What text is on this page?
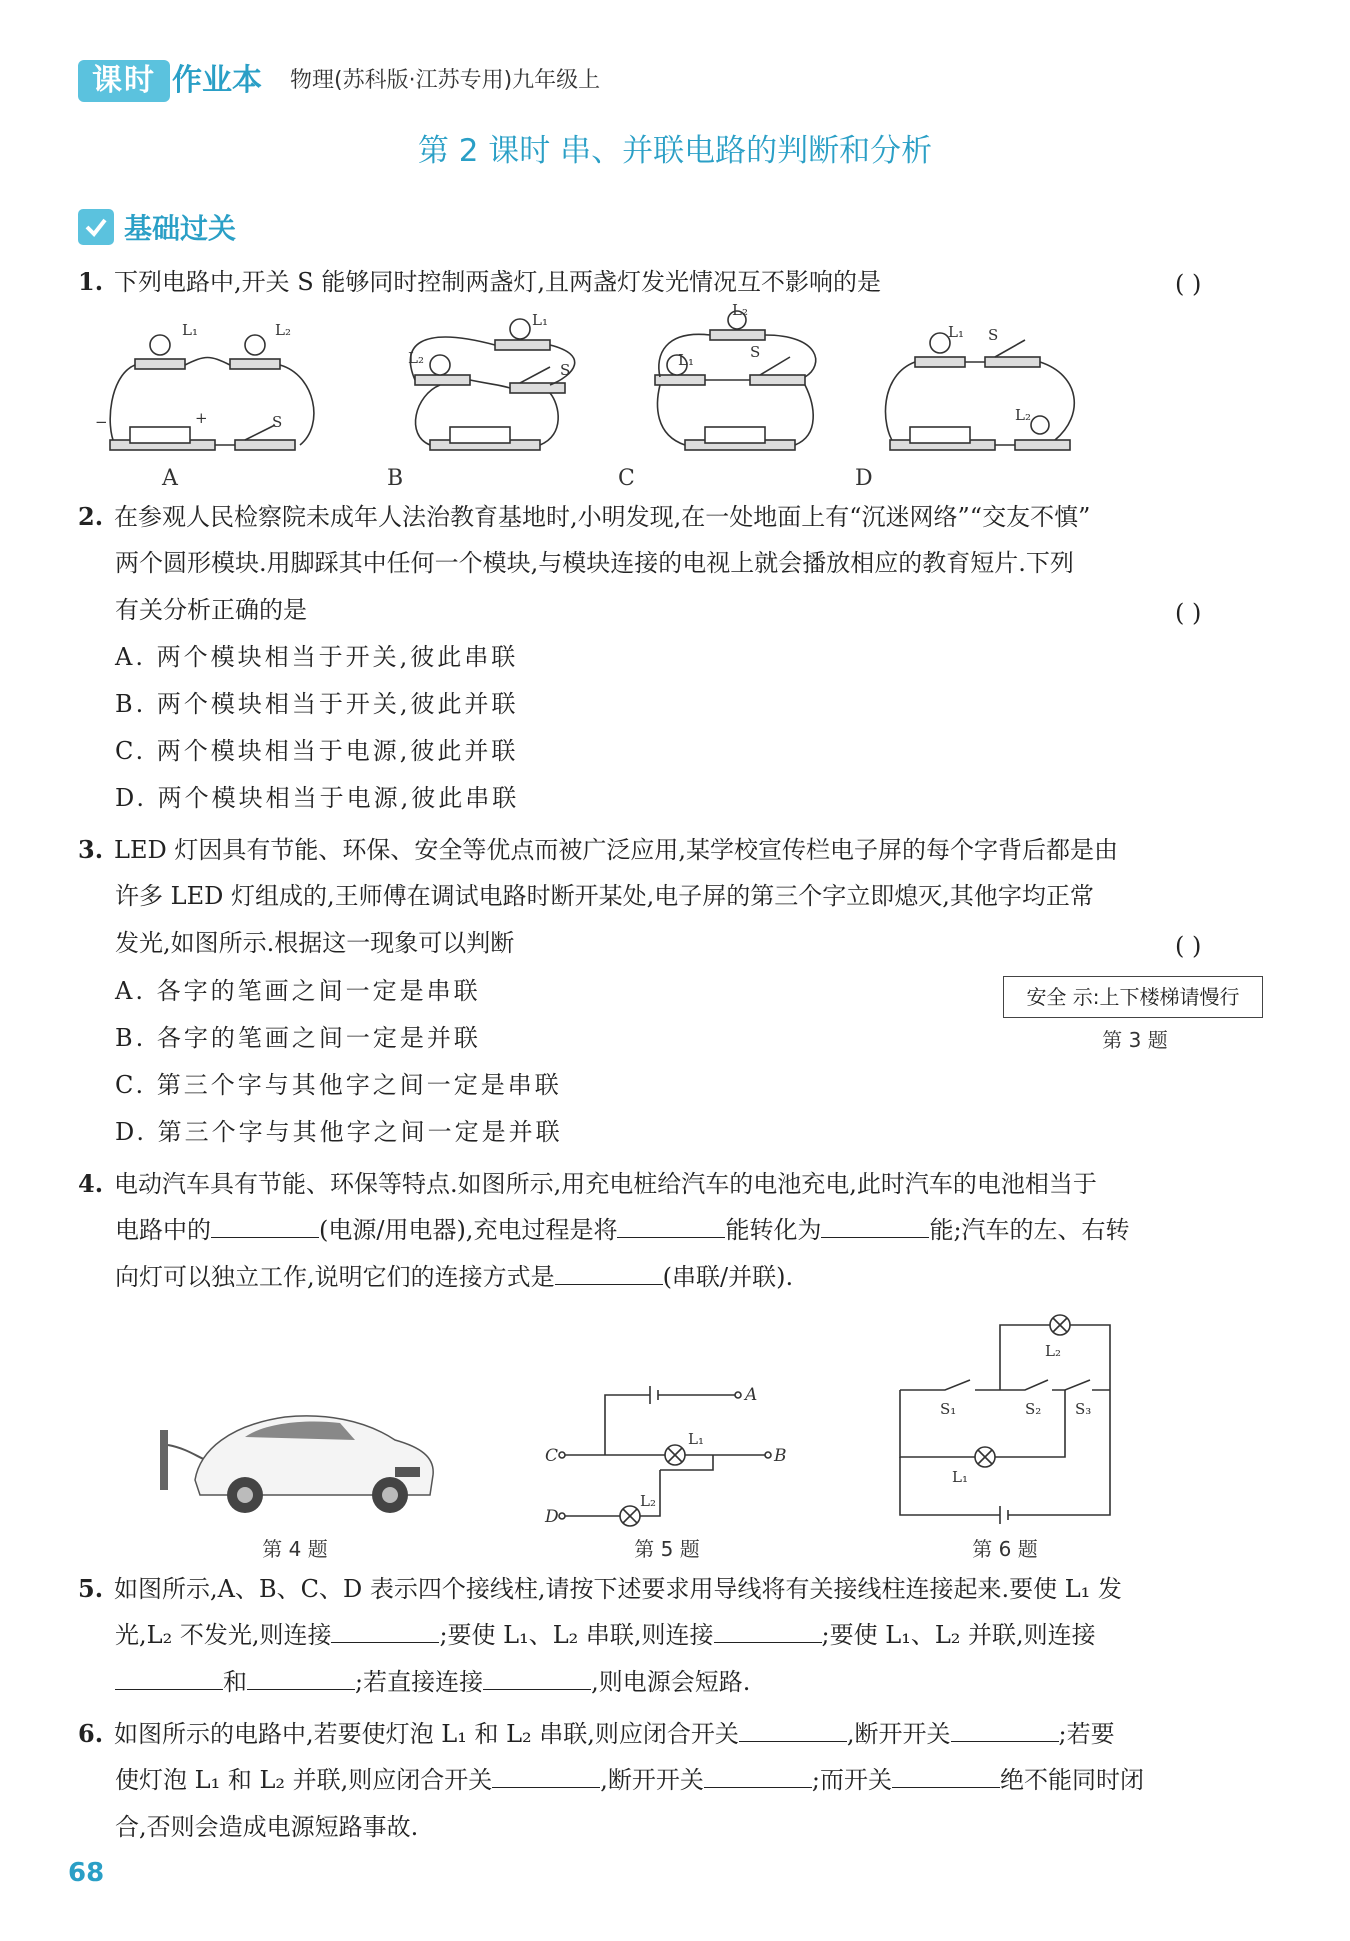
课时 作业本 物理(苏科版·江苏专用)九年级上
第 2 课时 串、并联电路的判断和分析
基础过关
1. 下列电路中,开关 S 能够同时控制两盏灯,且两盏灯发光情况互不影响的是	( )
L₁	L₂
S
−	+
L₁
L₂
S
L₂
L₁	S
L₁ S
L₂
A	B	C	D
2. 在参观人民检察院未成年人法治教育基地时,小明发现,在一处地面上有“沉迷网络”“交友不慎”
两个圆形模块.用脚踩其中任何一个模块,与模块连接的电视上就会播放相应的教育短片.下列
有关分析正确的是	( )
A. 两个模块相当于开关,彼此串联
B. 两个模块相当于开关,彼此并联
C. 两个模块相当于电源,彼此并联
D. 两个模块相当于电源,彼此串联
3. LED 灯因具有节能、环保、安全等优点而被广泛应用,某学校宣传栏电子屏的每个字背后都是由
许多 LED 灯组成的,王师傅在调试电路时断开某处,电子屏的第三个字立即熄灭,其他字均正常
发光,如图所示.根据这一现象可以判断	( )
A. 各字的笔画之间一定是串联
B. 各字的笔画之间一定是并联
C. 第三个字与其他字之间一定是串联
D. 第三个字与其他字之间一定是并联
安全 示:上下楼梯请慢行
第 3 题
4. 电动汽车具有节能、环保等特点.如图所示,用充电桩给汽车的电池充电,此时汽车的电池相当于
电路中的	(电源/用电器),充电过程是将	能转化为	能;汽车的左、右转
向灯可以独立工作,说明它们的连接方式是	(串联/并联).
第 4 题
A
C	B
D
L₁
L₂
第 5 题
L₂
S₁	S₂ S₃
L₁
第 6 题
5. 如图所示,A、B、C、D 表示四个接线柱,请按下述要求用导线将有关接线柱连接起来.要使 L₁ 发
光,L₂ 不发光,则连接	;要使 L₁、L₂ 串联,则连接	;要使 L₁、L₂ 并联,则连接
和	;若直接连接	,则电源会短路.
6. 如图所示的电路中,若要使灯泡 L₁ 和 L₂ 串联,则应闭合开关	,断开开关	;若要
使灯泡 L₁ 和 L₂ 并联,则应闭合开关	,断开开关	;而开关	绝不能同时闭
合,否则会造成电源短路事故.
68
